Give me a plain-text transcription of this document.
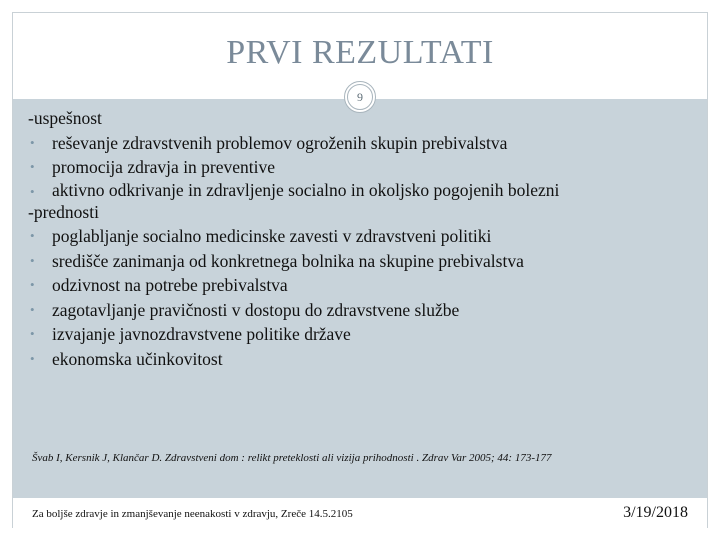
PRVI REZULTATI
9

-uspešnost

• reševanje zdravstvenih problemov ogroženih skupin prebivalstva

• promocija zdravja in preventive

• aktivno odkrivanje in zdravljenje socialno in okoljsko pogojenih bolezni

-prednosti

• poglabljanje socialno medicinske zavesti v zdravstveni politiki

• središče zanimanja od konkretnega bolnika na skupine prebivalstva

• odzivnost na potrebe prebivalstva

• zagotavljanje pravičnosti v dostopu do zdravstvene službe

• izvajanje javnozdravstvene politike države

• ekonomska učinkovitost

Švab I, Kersnik J, Klančar D. Zdravstveni dom : relikt preteklosti ali vizija prihodnosti . Zdrav Var 2005; 44: 173-177
Za boljše zdravje in zmanjševanje neenakosti v zdravju, Zreče 14.5.2105	3/19/2018
